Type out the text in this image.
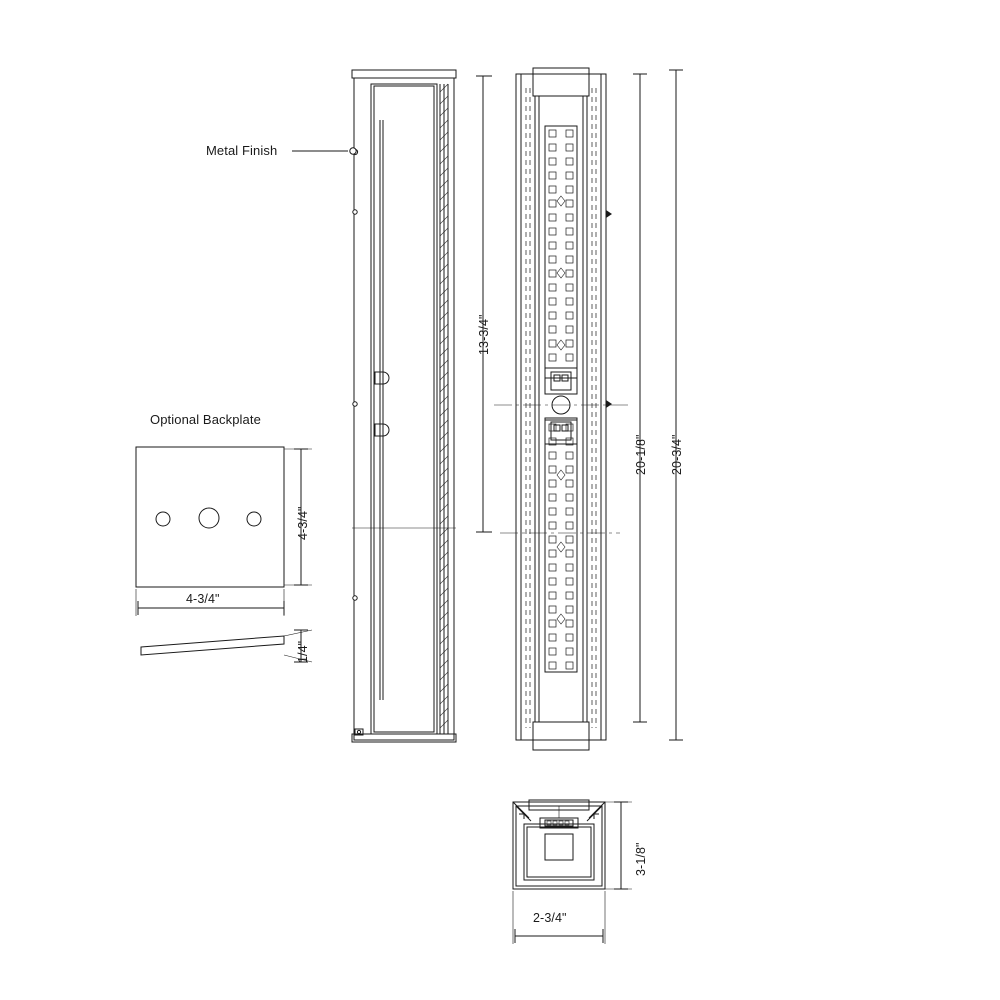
Metal Finish
Optional Backplate
13-3/4"
20-1/8" 20-3/4"
4-3/4"
4-3/4"
1/4"
3-1/8"
2-3/4"
